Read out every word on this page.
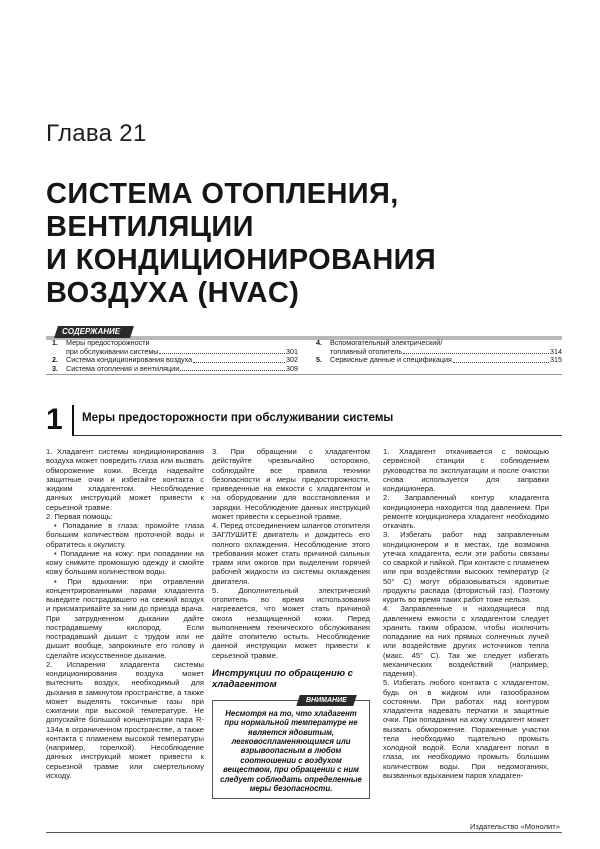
Глава 21
СИСТЕМА ОТОПЛЕНИЯ,
ВЕНТИЛЯЦИИ
И КОНДИЦИОНИРОВАНИЯ
ВОЗДУХА (HVAC)
СОДЕРЖАНИЕ
1.	Меры предосторожности
при обслуживании системы	301
2.	Система кондиционирования воздуха	302
3.	Система отопления и вентиляции	309
4.	Вспомогательный электрический/
топливный отопитель	314
5.	Сервисные данные и спецификация	315
1 Меры предосторожности при обслуживании системы

1. Хладагент системы кондиционирования воздуха может повредить глаза или вызвать обморожение кожи. Всегда надевайте защитные очки и избегайте контакта с жидким хладагентом. Несоблюдение данных инструкций может привести к серьезной травме.

2. Первая помощь:

• Попадание в глаза: промойте глаза большим количеством проточной воды и обратитесь к окулисту.

• Попадание на кожу: при попадании на кожу снимите промокшую одежду и смойте кожу большим количеством воды.

• При вдыхании: при отравлении концентрированными парами хладагента выведите пострадавшего на свежий воздух и присматривайте за ним до приезда врача. При затрудненном дыхании дайте пострадавшему кислород. Если пострадавший дышит с трудом или не дышит вообще, запрокиньте его голову и сделайте искусственное дыхание.

2. Испарения хладагента системы кондиционирования воздуха может вытеснить воздух, необходимый для дыхания в замкнутом пространстве, а также может выделять токсичные газы при сжигании при высокой температуре. Не допускайте большой концентрации пара R-134a в ограниченном пространстве, а также контакта с пламенем высокой температуры (например, горелкой). Несоблюдение данных инструкций может привести к серьезной травме или смертельному исходу.

3. При обращении с хладагентом действуйте чрезвычайно осторожно, соблюдайте все правила техники безопасности и меры предосторожности, приведенные на емкости с хладагентом и на оборудовании для восстановления и зарядки. Несоблюдение данных инструкций может привести к серьезной травме.

4. Перед отсоединением шлангов отопителя ЗАГЛУШИТЕ двигатель и дождитесь его полного охлаждения. Несоблюдение этого требования может стать причиной сильных травм или ожогов при выделении горячей рабочей жидкости из системы охлаждения двигателя.

5. Дополнительный электрический отопитель во время использования нагревается, что может стать причиной ожога незащищенной кожи. Перед выполнением технического обслуживания дайте отопителю остыть. Несоблюдение данной инструкции может привести к серьезной травме.

Инструкции по обращению с хладагентом
ВНИМАНИЕ
Несмотря на то, что хладагент при нормальной температуре не является ядовитым, легковоспламеняющимся или взрывоопасным в любом соотношении с воздухом веществом, при обращении с ним следует соблюдать определенные меры безопасности.

1. Хладагент откачивается с помощью сервисной станции с соблюдением руководства по эксплуатации и после очистки снова используется для заправки кондиционера.

2. Заправленный контур хладагента кондиционера находится под давлением. При ремонте кондиционера хладагент необходимо откачать.

3. Избегать работ над заправленным кондиционером и в местах, где возможна утечка хладагента, если эти работы связаны со сваркой и пайкой. При контакте с пламенем или при воздействии высоких температур (≥ 50° С) могут образовываться ядовитые продукты распада (фтористый газ). Поэтому курить во время таких работ тоже нельзя.

4. Заправленные и находящиеся под давлением емкости с хладагентом следует хранить таким образом, чтобы исключить попадание на них прямых солнечных лучей или воздействие других источников тепла (макс. 45° С). Так же следует избегать механических воздействий (например, падения).

5. Избегать любого контакта с хладагентом, будь он в жидком или газообразном состоянии. При работах над контуром хладагента надевать перчатки и защитные очки. При попадании на кожу хладагент может вызвать обморожение. Пораженные участки тела необходимо тщательно промыть холодной водой. Если хладагент попал в глаза, их необходимо промыть большим количеством воды. При недомоганиях, вызванных вдыханием паров хладаген-

Издательство «Монолит»
